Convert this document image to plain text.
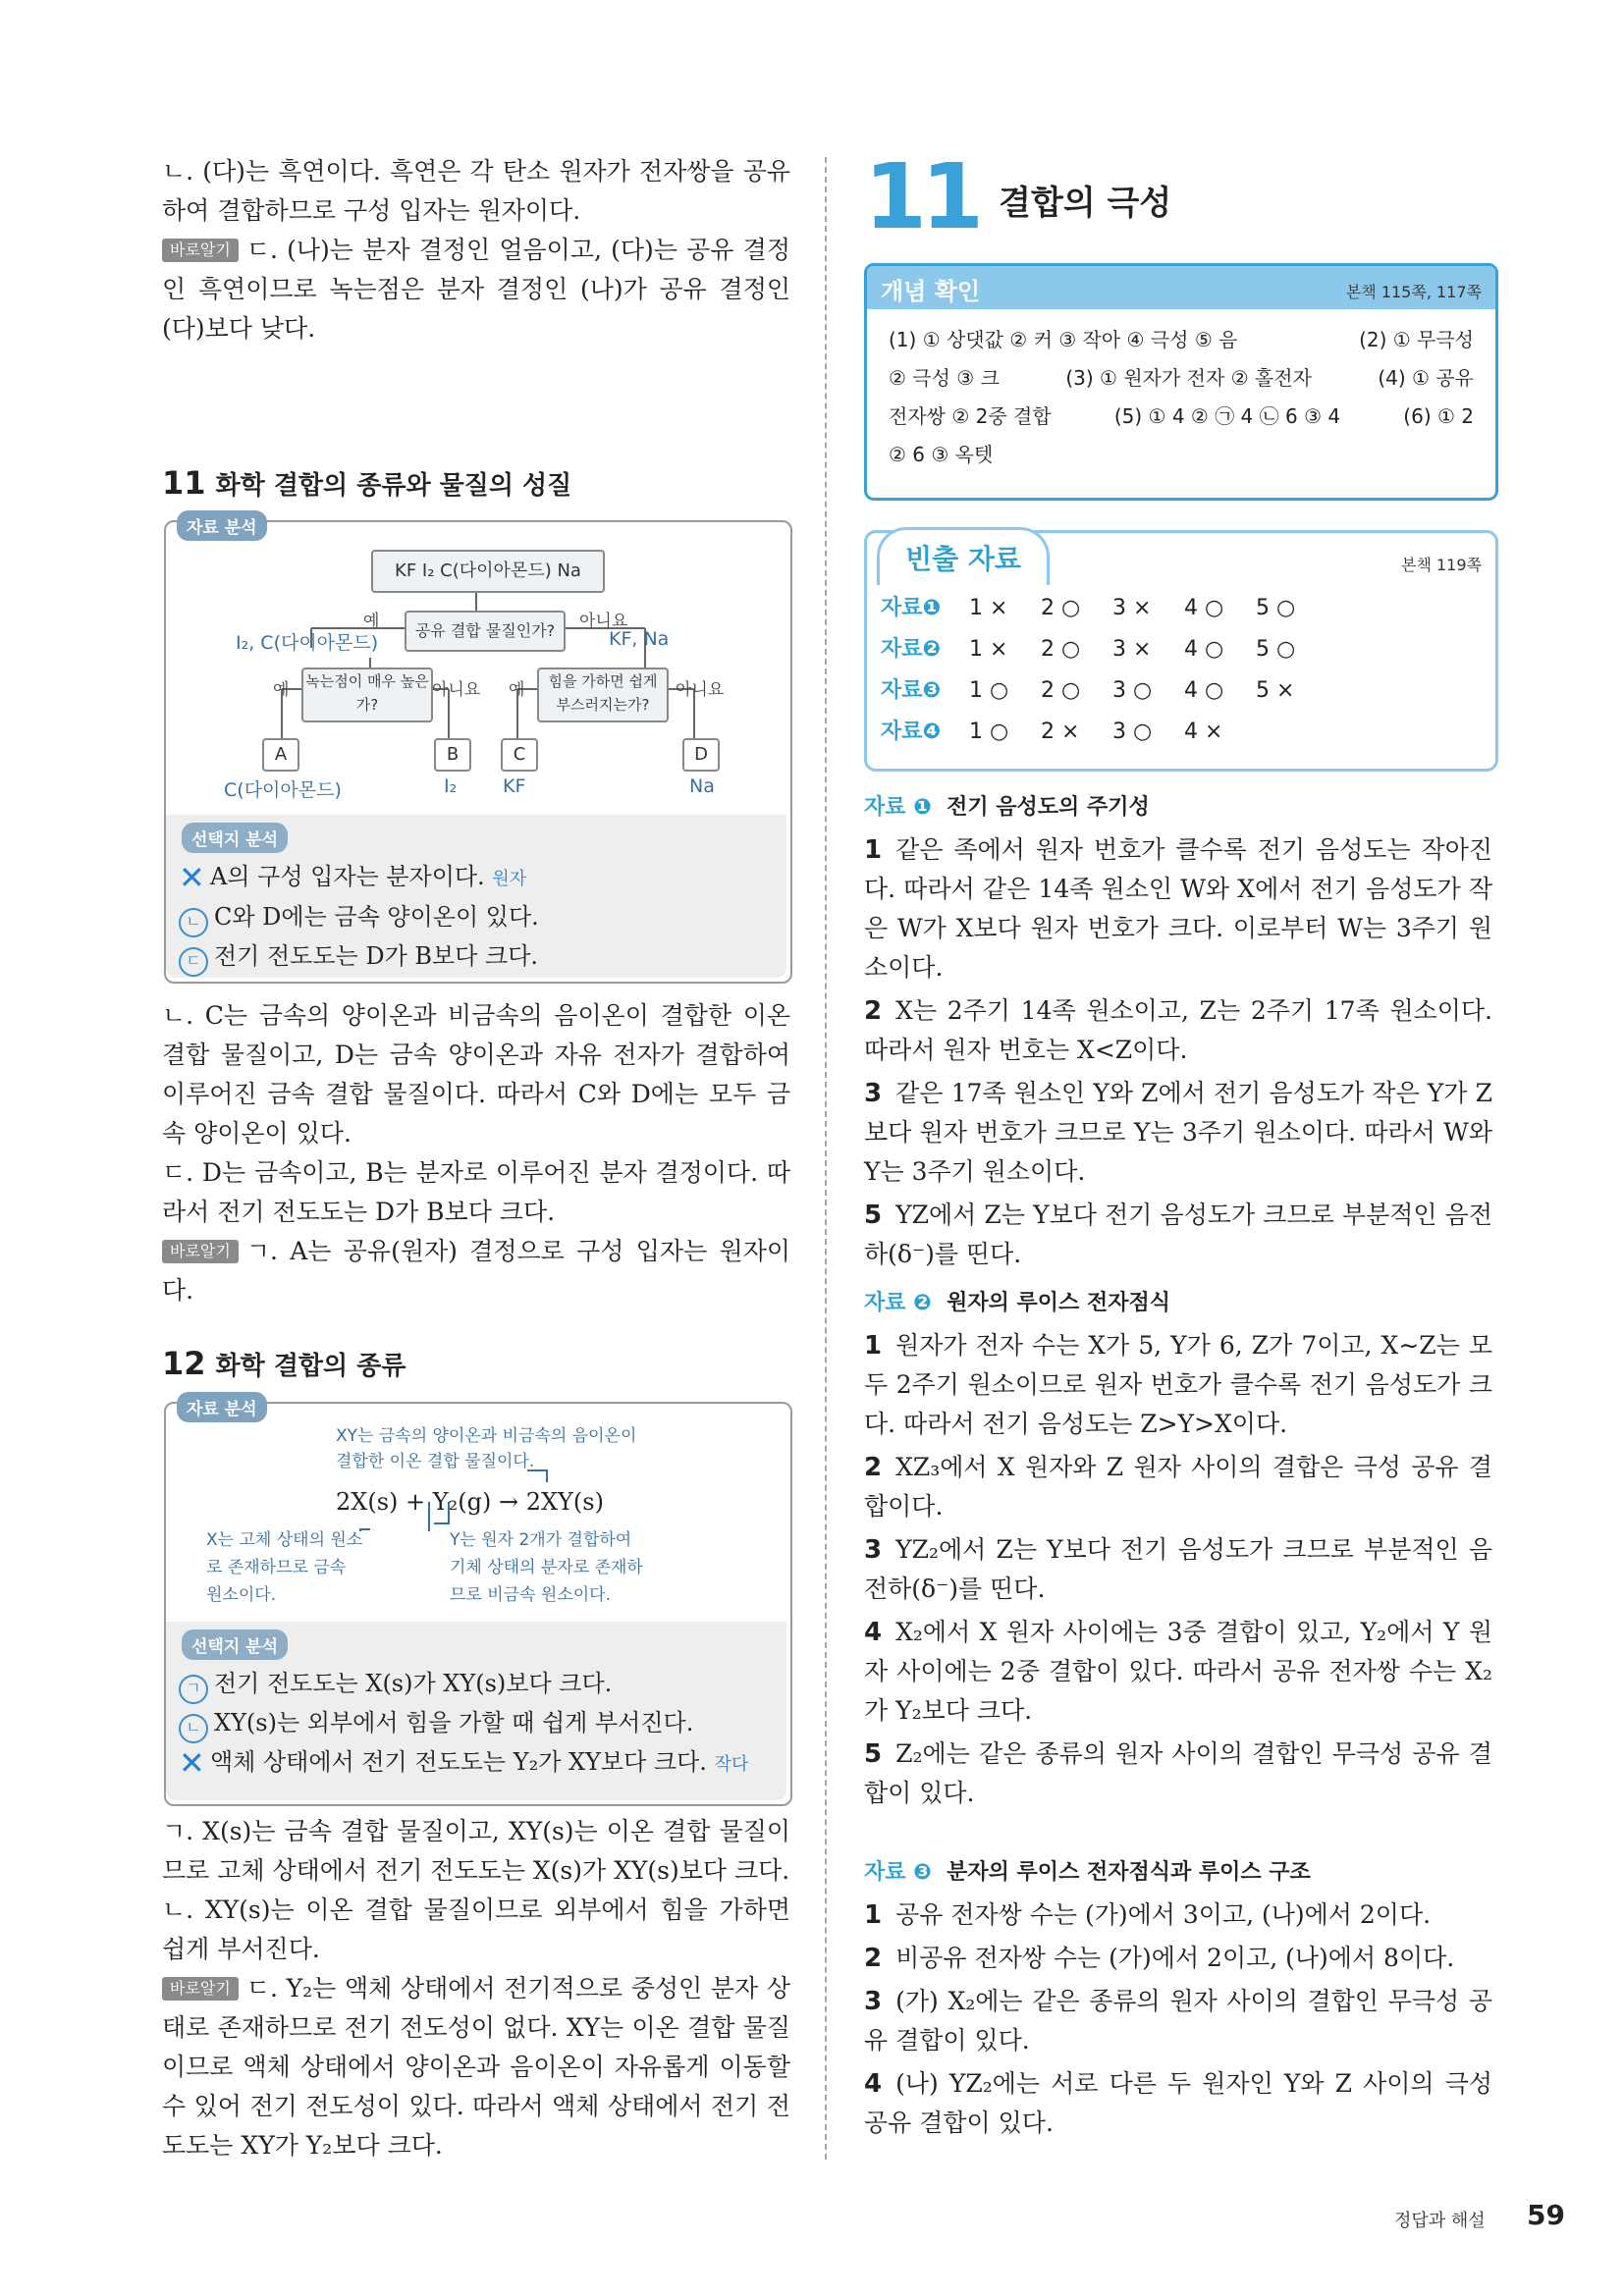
ㄴ. (다)는 흑연이다. 흑연은 각 탄소 원자가 전자쌍을 공유하여 결합하므로 구성 입자는 원자이다.

바로알기 ㄷ. (나)는 분자 결정인 얼음이고, (다)는 공유 결정인 흑연이므로 녹는점은 분자 결정인 (나)가 공유 결정인 (다)보다 낮다.

11 화학 결합의 종류와 물질의 성질
자료 분석
KF I₂ C(다이아몬드) Na
공유 결합 물질인가?
예	아니요
I₂, C(다이아몬드)	KF, Na
녹는점이 매우 높은가?
힘을 가하면 쉽게 부스러지는가?
예	아니요 예	아니요
A	B	C	D
C(다이아몬드)	I₂ KF	Na
선택지 분석

✕ A의 구성 입자는 분자이다. 원자

ㄴ C와 D에는 금속 양이온이 있다.

ㄷ 전기 전도도는 D가 B보다 크다.

ㄴ. C는 금속의 양이온과 비금속의 음이온이 결합한 이온 결합 물질이고, D는 금속 양이온과 자유 전자가 결합하여 이루어진 금속 결합 물질이다. 따라서 C와 D에는 모두 금속 양이온이 있다.

ㄷ. D는 금속이고, B는 분자로 이루어진 분자 결정이다. 따라서 전기 전도도는 D가 B보다 크다.

바로알기 ㄱ. A는 공유(원자) 결정으로 구성 입자는 원자이다.

12 화학 결합의 종류
자료 분석
XY는 금속의 양이온과 비금속의 음이온이 결합한 이온 결합 물질이다.
2X(s) + Y₂(g) → 2XY(s)
X는 고체 상태의 원소로 존재하므로 금속 원소이다.
Y는 원자 2개가 결합하여 기체 상태의 분자로 존재하므로 비금속 원소이다.
선택지 분석

ㄱ 전기 전도도는 X(s)가 XY(s)보다 크다.

ㄴ XY(s)는 외부에서 힘을 가할 때 쉽게 부서진다.

✕ 액체 상태에서 전기 전도도는 Y₂가 XY보다 크다. 작다

ㄱ. X(s)는 금속 결합 물질이고, XY(s)는 이온 결합 물질이므로 고체 상태에서 전기 전도도는 X(s)가 XY(s)보다 크다.

ㄴ. XY(s)는 이온 결합 물질이므로 외부에서 힘을 가하면 쉽게 부서진다.

바로알기 ㄷ. Y₂는 액체 상태에서 전기적으로 중성인 분자 상태로 존재하므로 전기 전도성이 없다. XY는 이온 결합 물질이므로 액체 상태에서 양이온과 음이온이 자유롭게 이동할 수 있어 전기 전도성이 있다. 따라서 액체 상태에서 전기 전도도는 XY가 Y₂보다 크다.

11 결합의 극성
개념 확인	본책 115쪽, 117쪽
(1) ① 상댓값 ② 커 ③ 작아 ④ 극성 ⑤ 음	(2) ① 무극성
② 극성 ③ 크	(3) ① 원자가 전자 ② 홀전자	(4) ① 공유
전자쌍 ② 2중 결합	(5) ① 4 ② ㉠ 4 ㉡ 6 ③ 4	(6) ① 2
② 6 ③ 옥텟
빈출 자료	본책 119쪽
자료❶ 1 × 2 ○ 3 × 4 ○ 5 ○
자료❷ 1 × 2 ○ 3 × 4 ○ 5 ○
자료❸ 1 ○ 2 ○ 3 ○ 4 ○ 5 ×
자료❹ 1 ○ 2 × 3 ○ 4 ×
자료 ❶ 전기 음성도의 주기성

1 같은 족에서 원자 번호가 클수록 전기 음성도는 작아진다. 따라서 같은 14족 원소인 W와 X에서 전기 음성도가 작은 W가 X보다 원자 번호가 크다. 이로부터 W는 3주기 원소이다.

2 X는 2주기 14족 원소이고, Z는 2주기 17족 원소이다. 따라서 원자 번호는 X<Z이다.

3 같은 17족 원소인 Y와 Z에서 전기 음성도가 작은 Y가 Z보다 원자 번호가 크므로 Y는 3주기 원소이다. 따라서 W와 Y는 3주기 원소이다.

5 YZ에서 Z는 Y보다 전기 음성도가 크므로 부분적인 음전하(δ⁻)를 띤다.

자료 ❷ 원자의 루이스 전자점식

1 원자가 전자 수는 X가 5, Y가 6, Z가 7이고, X∼Z는 모두 2주기 원소이므로 원자 번호가 클수록 전기 음성도가 크다. 따라서 전기 음성도는 Z>Y>X이다.

2 XZ₃에서 X 원자와 Z 원자 사이의 결합은 극성 공유 결합이다.

3 YZ₂에서 Z는 Y보다 전기 음성도가 크므로 부분적인 음전하(δ⁻)를 띤다.

4 X₂에서 X 원자 사이에는 3중 결합이 있고, Y₂에서 Y 원자 사이에는 2중 결합이 있다. 따라서 공유 전자쌍 수는 X₂가 Y₂보다 크다.

5 Z₂에는 같은 종류의 원자 사이의 결합인 무극성 공유 결합이 있다.

자료 ❸ 분자의 루이스 전자점식과 루이스 구조

1 공유 전자쌍 수는 (가)에서 3이고, (나)에서 2이다.

2 비공유 전자쌍 수는 (가)에서 2이고, (나)에서 8이다.

3 (가) X₂에는 같은 종류의 원자 사이의 결합인 무극성 공유 결합이 있다.

4 (나) YZ₂에는 서로 다른 두 원자인 Y와 Z 사이의 극성 공유 결합이 있다.

정답과 해설 59
